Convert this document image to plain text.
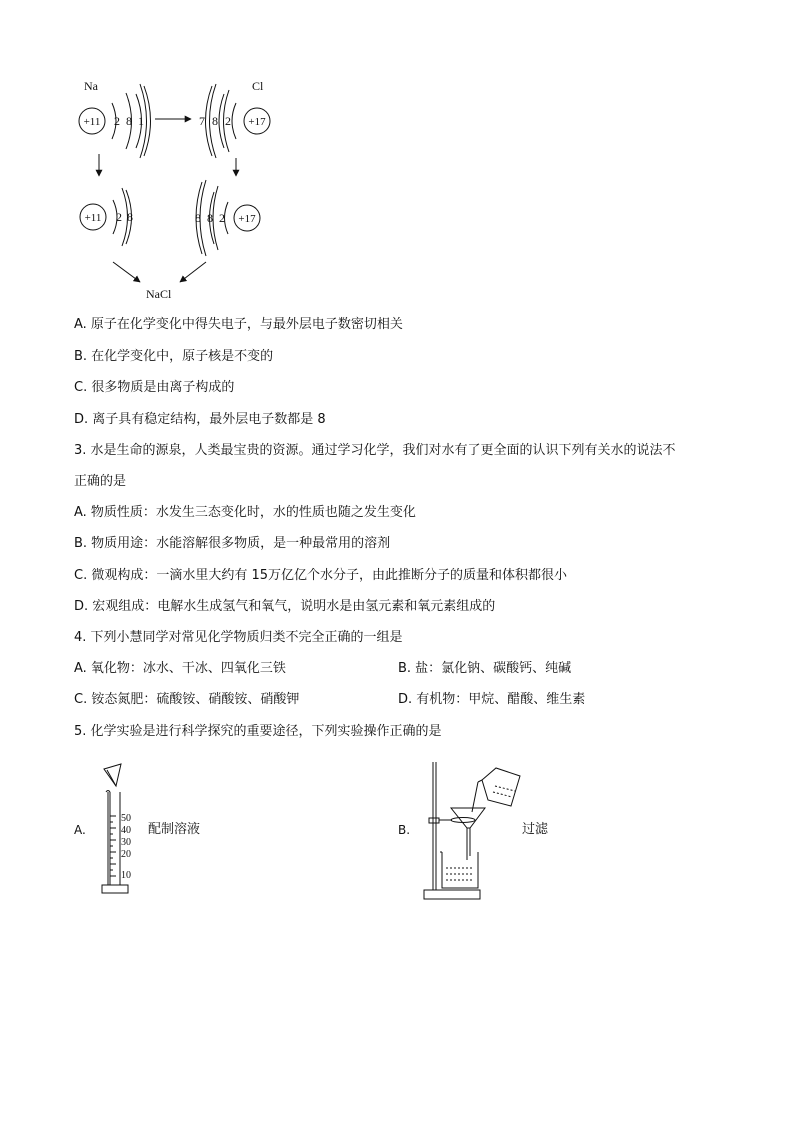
Na	Cl
NaCl
+11	+17
+11	+17
2 8 1	7 8 2
2 8	8 8 2
A. 原子在化学变化中得失电子，与最外层电子数密切相关
B. 在化学变化中，原子核是不变的
C. 很多物质是由离子构成的
D. 离子具有稳定结构，最外层电子数都是 8
3. 水是生命的源泉，人类最宝贵的资源。通过学习化学，我们对水有了更全面的认识下列有关水的说法不
正确的是
A. 物质性质：水发生三态变化时，水的性质也随之发生变化
B. 物质用途：水能溶解很多物质，是一种最常用的溶剂
C. 微观构成：一滴水里大约有 15万亿亿个水分子，由此推断分子的质量和体积都很小
D. 宏观组成：电解水生成氢气和氧气，说明水是由氢元素和氧元素组成的
4. 下列小慧同学对常见化学物质归类不完全正确的一组是
A. 氧化物：冰水、干冰、四氧化三铁	B. 盐：氯化钠、碳酸钙、纯碱
C. 铵态氮肥：硫酸铵、硝酸铵、硝酸钾	D. 有机物：甲烷、醋酸、维生素
5. 化学实验是进行科学探究的重要途径，下列实验操作正确的是
A.	配制溶液	B.	过滤
50
40
30
20
10
